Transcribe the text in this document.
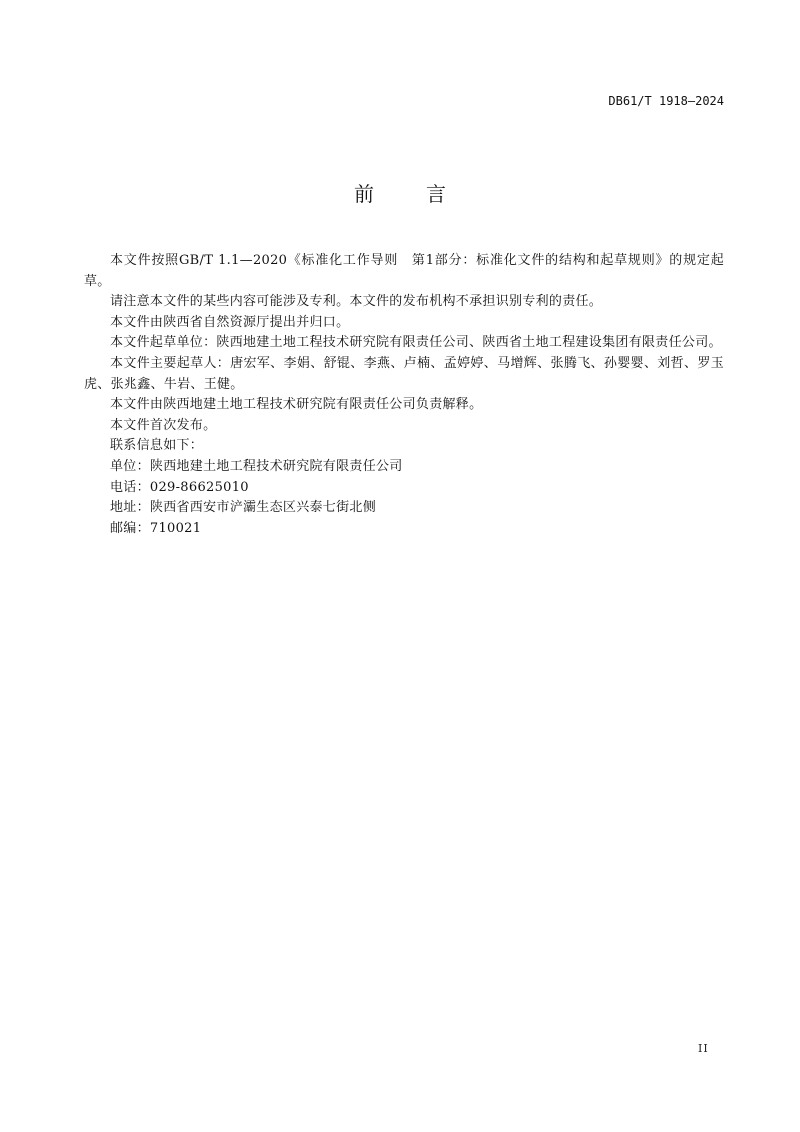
DB61/T 1918—2024
前	言

本文件按照GB/T 1.1—2020《标准化工作导则　第1部分：标准化文件的结构和起草规则》的规定起草。

请注意本文件的某些内容可能涉及专利。本文件的发布机构不承担识别专利的责任。

本文件由陕西省自然资源厅提出并归口。

本文件起草单位：陕西地建土地工程技术研究院有限责任公司、陕西省土地工程建设集团有限责任公司。

本文件主要起草人：唐宏军、李娟、舒锟、李燕、卢楠、孟婷婷、马增辉、张腾飞、孙婴婴、刘哲、罗玉虎、张兆鑫、牛岩、王健。

本文件由陕西地建土地工程技术研究院有限责任公司负责解释。

本文件首次发布。

联系信息如下：

单位：陕西地建土地工程技术研究院有限责任公司

电话：029-86625010

地址：陕西省西安市浐灞生态区兴泰七街北侧

邮编：710021

II
